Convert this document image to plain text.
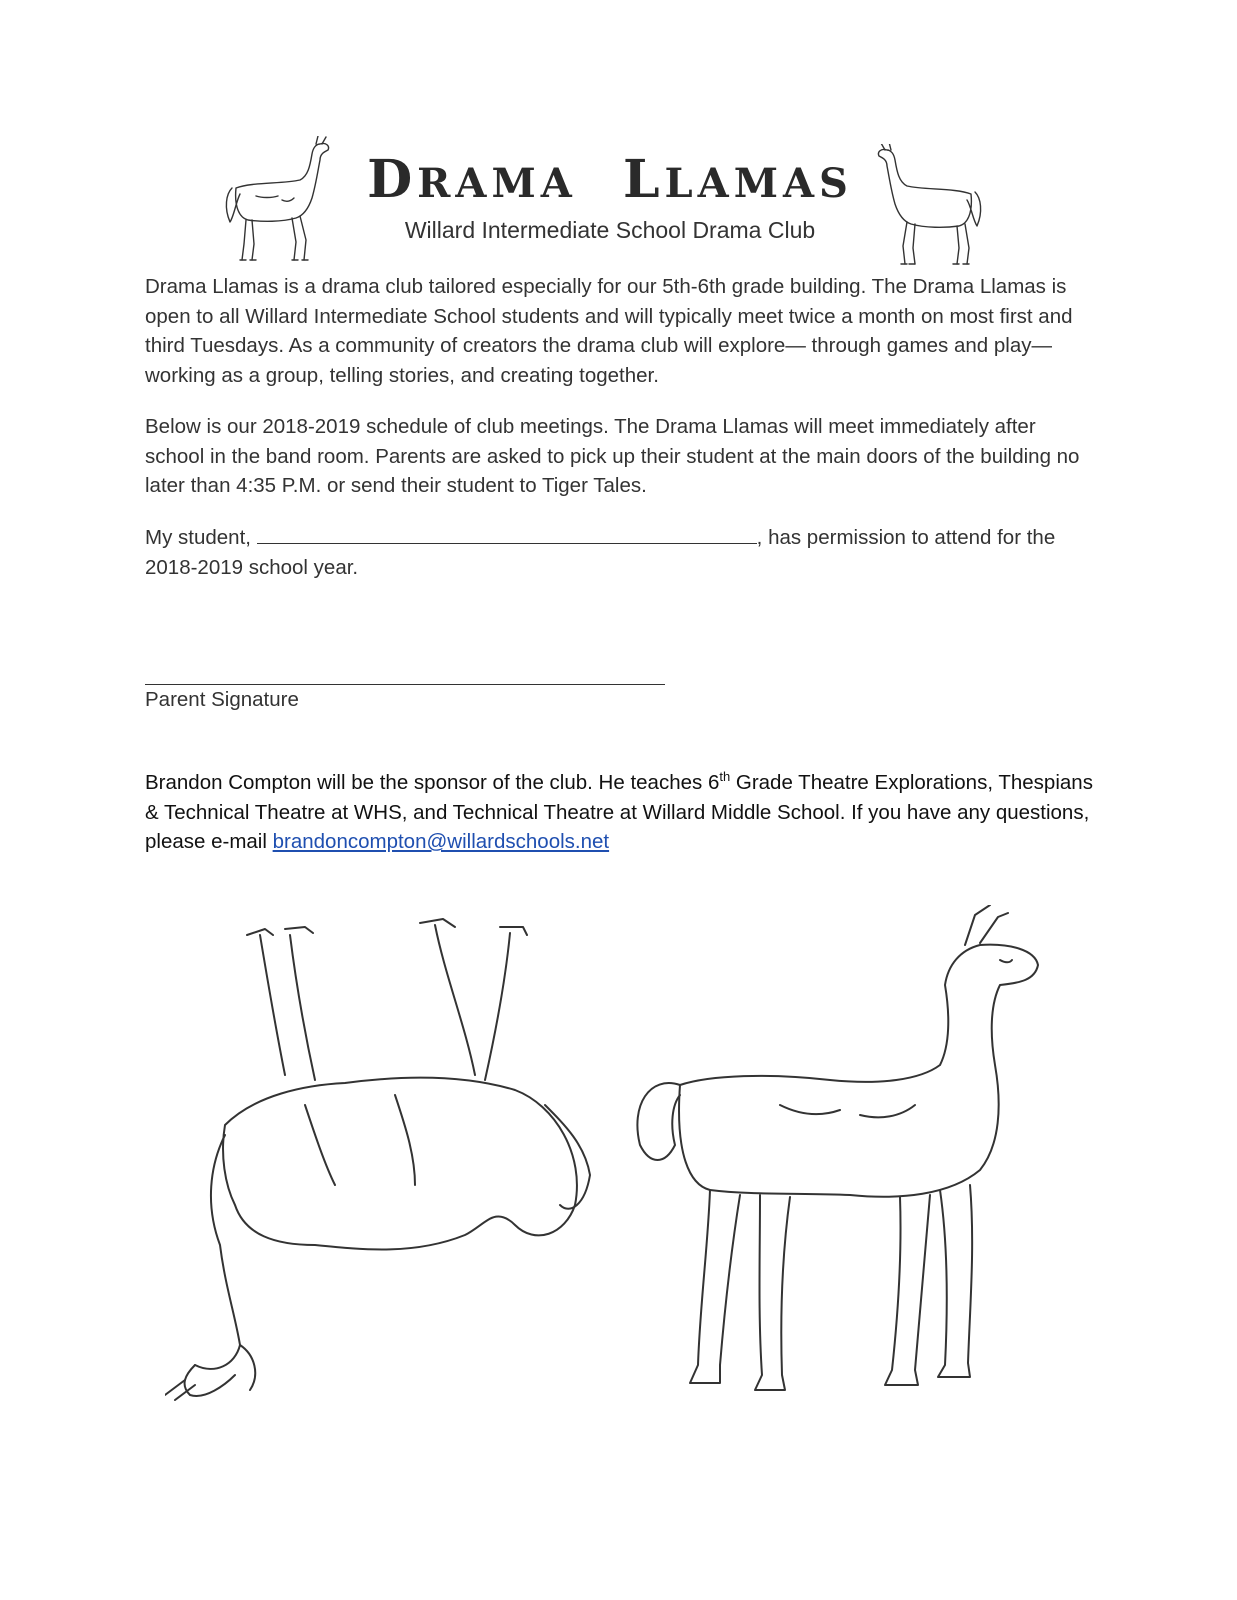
DRAMA LLAMAS
Willard Intermediate School Drama Club

Drama Llamas is a drama club tailored especially for our 5th-6th grade building. The Drama Llamas is open to all Willard Intermediate School students and will typically meet twice a month on most first and third Tuesdays. As a community of creators the drama club will explore— through games and play— working as a group, telling stories, and creating together.

Below is our 2018-2019 schedule of club meetings. The Drama Llamas will meet immediately after school in the band room. Parents are asked to pick up their student at the main doors of the building no later than 4:35 P.M. or send their student to Tiger Tales.

My student,	, has permission to attend for the 2018-2019 school year.

Parent Signature

Brandon Compton will be the sponsor of the club. He teaches 6th Grade Theatre Explorations, Thespians & Technical Theatre at WHS, and Technical Theatre at Willard Middle School. If you have any questions, please e-mail brandoncompton@willardschools.net
